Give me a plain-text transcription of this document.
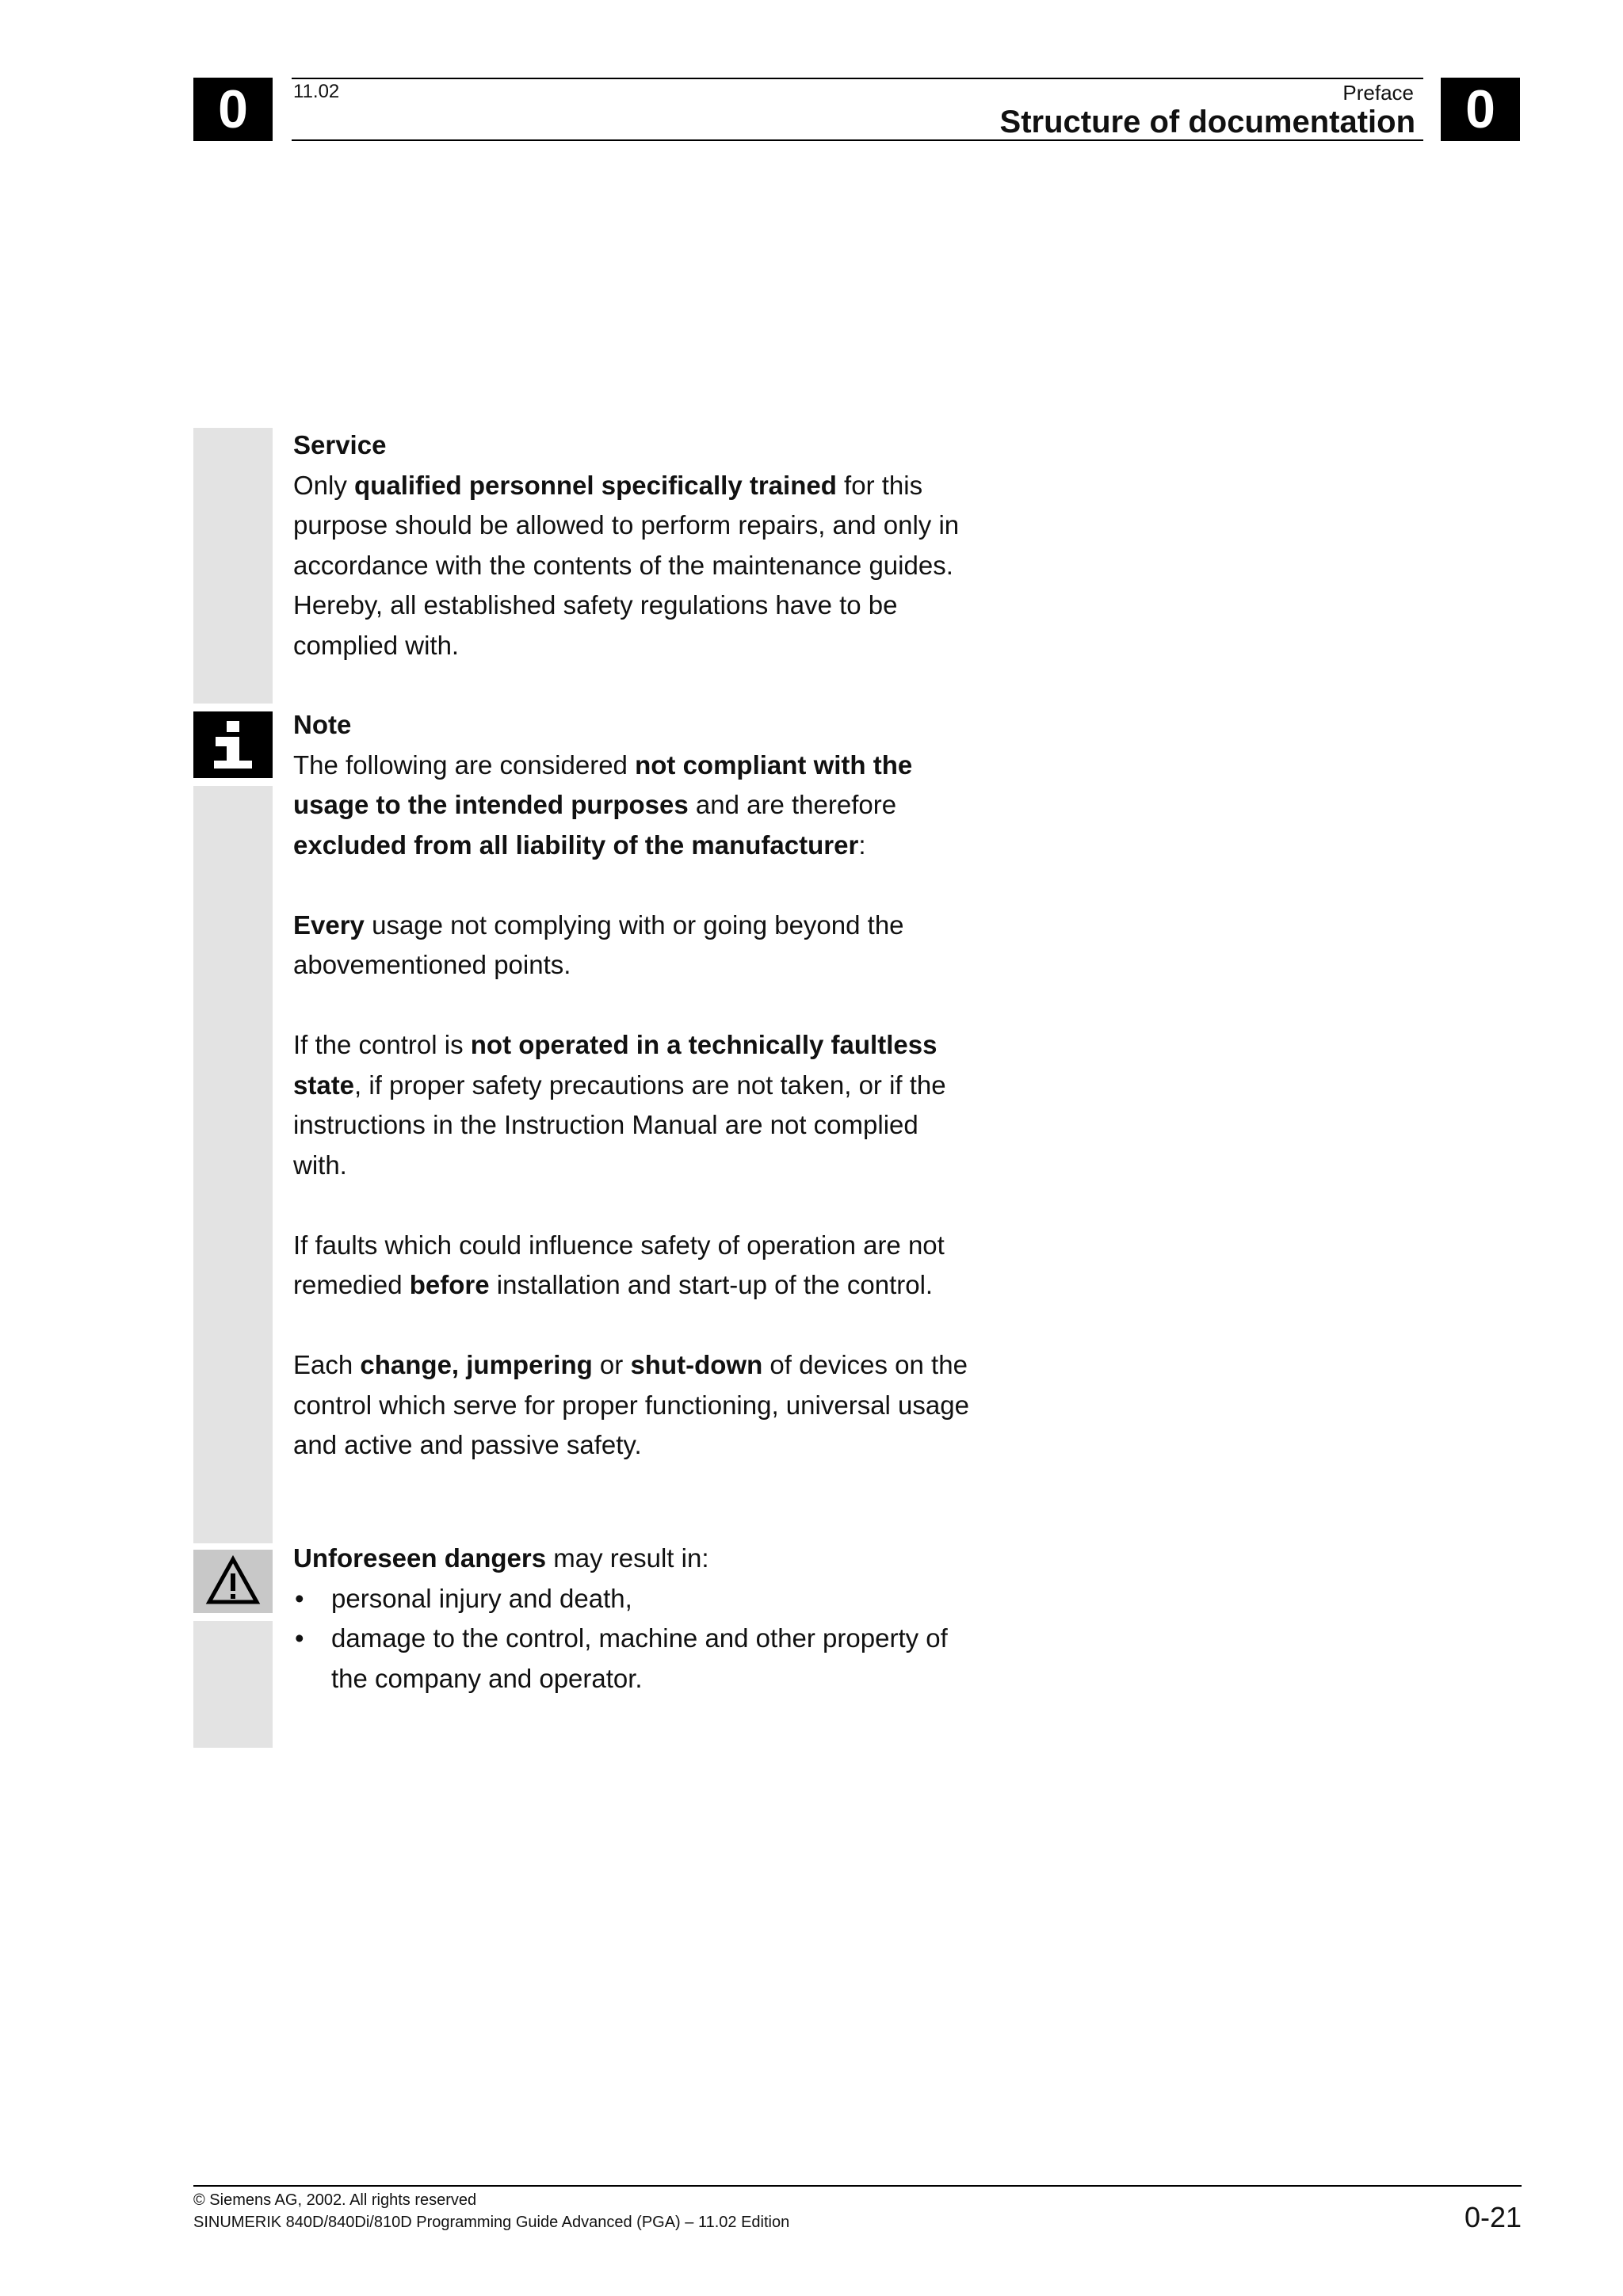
0	11.02	Preface
Structure of documentation 0

Service

Only qualified personnel specifically trained for this purpose should be allowed to perform repairs, and only in accordance with the contents of the maintenance guides. Hereby, all established safety regulations have to be complied with.

Note

The following are considered not compliant with the usage to the intended purposes and are therefore excluded from all liability of the manufacturer:

Every usage not complying with or going beyond the abovementioned points.

If the control is not operated in a technically faultless state, if proper safety precautions are not taken, or if the instructions in the Instruction Manual are not complied with.

If faults which could influence safety of operation are not remedied before installation and start-up of the control.

Each change, jumpering or shut-down of devices on the control which serve for proper functioning, universal usage and active and passive safety.

Unforeseen dangers may result in:

• personal injury and death,
• damage to the control, machine and other property of the company and operator.
© Siemens AG, 2002. All rights reserved
SINUMERIK 840D/840Di/810D Programming Guide Advanced (PGA) – 11.02 Edition	0-21
